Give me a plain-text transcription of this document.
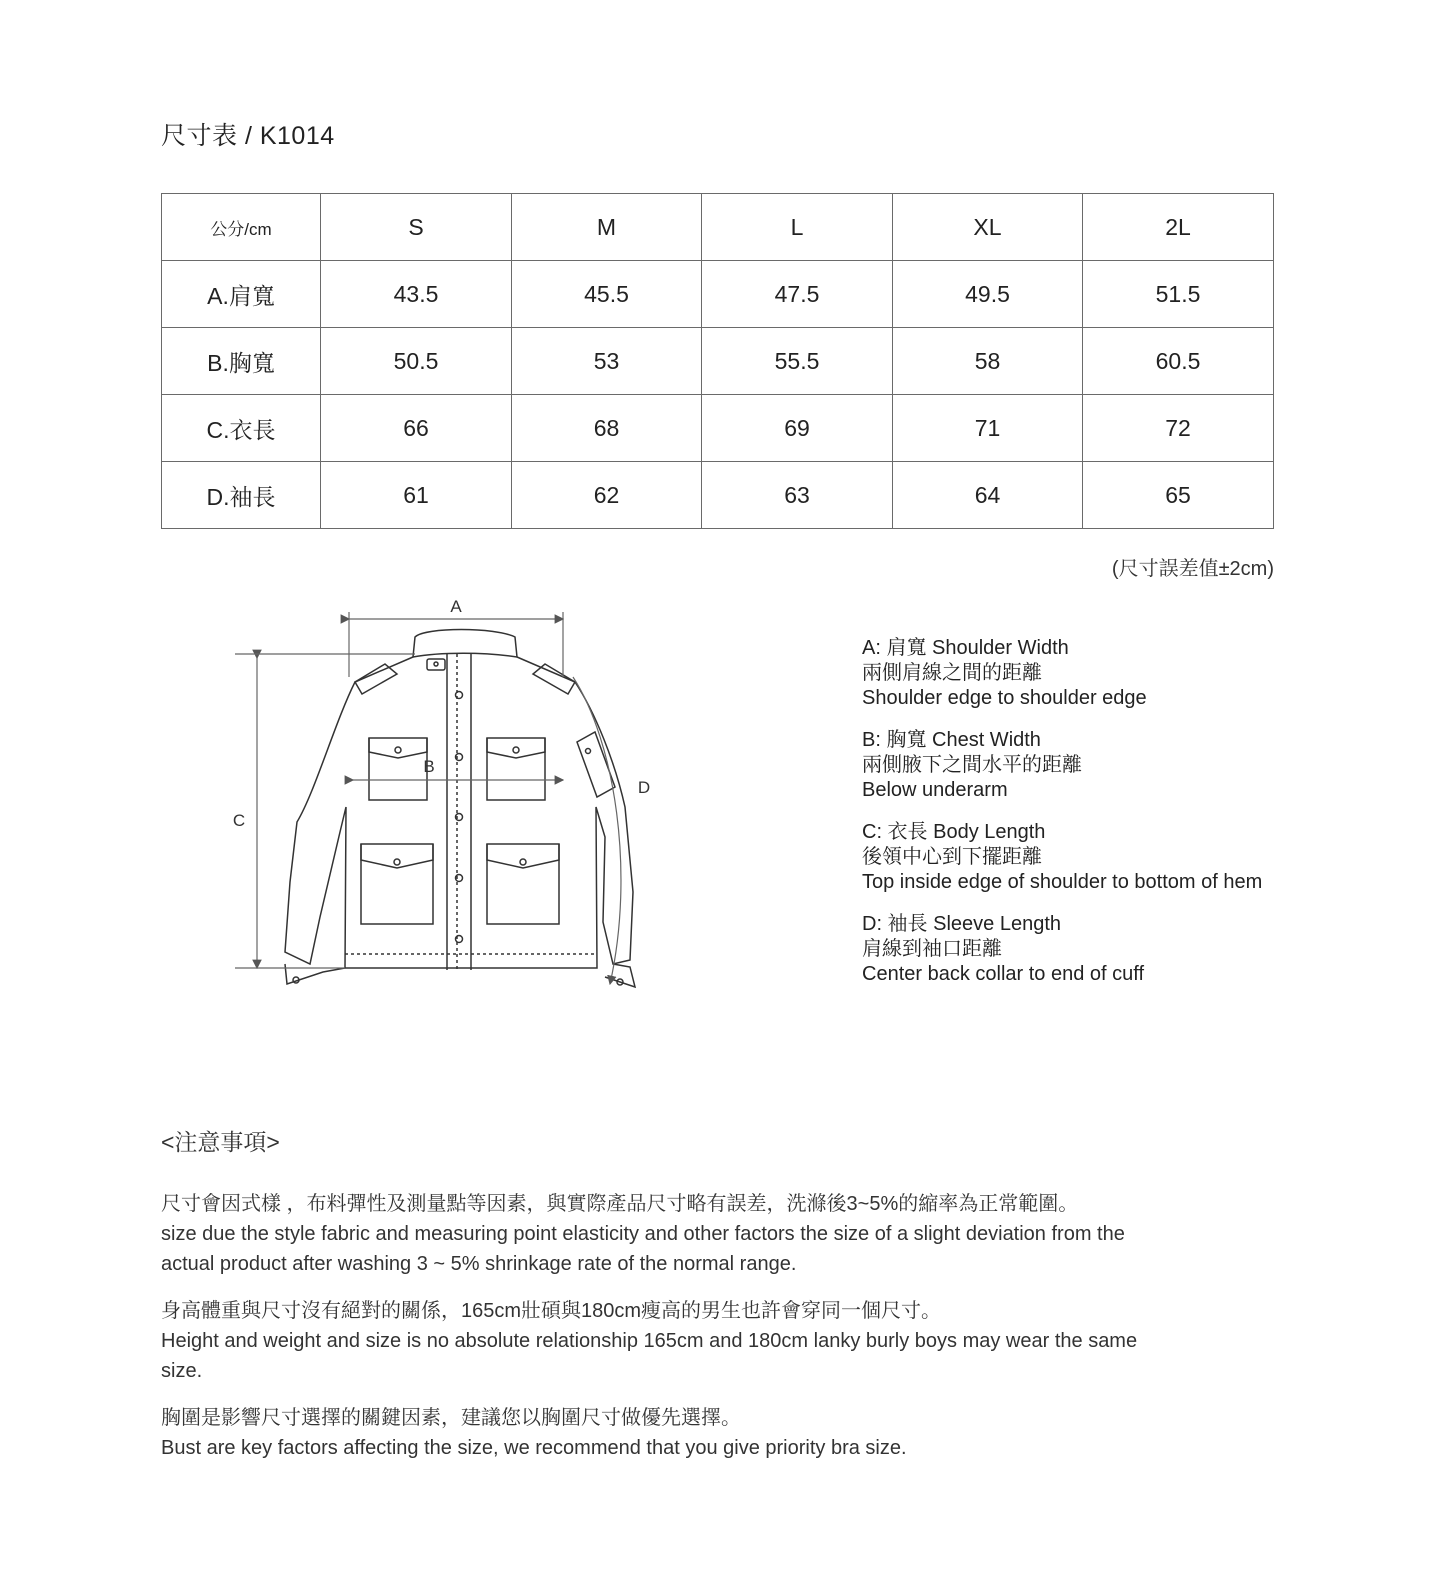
尺寸表 / K1014
公分/cm	S	M	L	XL	2L
A.肩寬	43.5	45.5	47.5	49.5	51.5
B.胸寬	50.5	53	55.5	58	60.5
C.衣長	66	68	69	71	72
D.袖長	61	62	63	64	65
(尺寸誤差值±2cm)
A
B
C
D
A: 肩寬 Shoulder Width
兩側肩線之間的距離
Shoulder edge to shoulder edge
B: 胸寬 Chest Width
兩側腋下之間水平的距離
Below underarm
C: 衣長 Body Length
後領中心到下擺距離
Top inside edge of shoulder to bottom of hem
D: 袖長 Sleeve Length
肩線到袖口距離
Center back collar to end of cuff
<注意事項>

尺寸會因式樣 ，布料彈性及測量點等因素，與實際產品尺寸略有誤差，洗滌後3~5%的縮率為正常範圍。
size due the style fabric and measuring point elasticity and other factors the size of a slight deviation from the actual product after washing 3 ~ 5% shrinkage rate of the normal range.

身高體重與尺寸沒有絕對的關係，165cm壯碩與180cm瘦高的男生也許會穿同一個尺寸。
Height and weight and size is no absolute relationship 165cm and 180cm lanky burly boys may wear the same size.

胸圍是影響尺寸選擇的關鍵因素，建議您以胸圍尺寸做優先選擇。
Bust are key factors affecting the size, we recommend that you give priority bra size.
